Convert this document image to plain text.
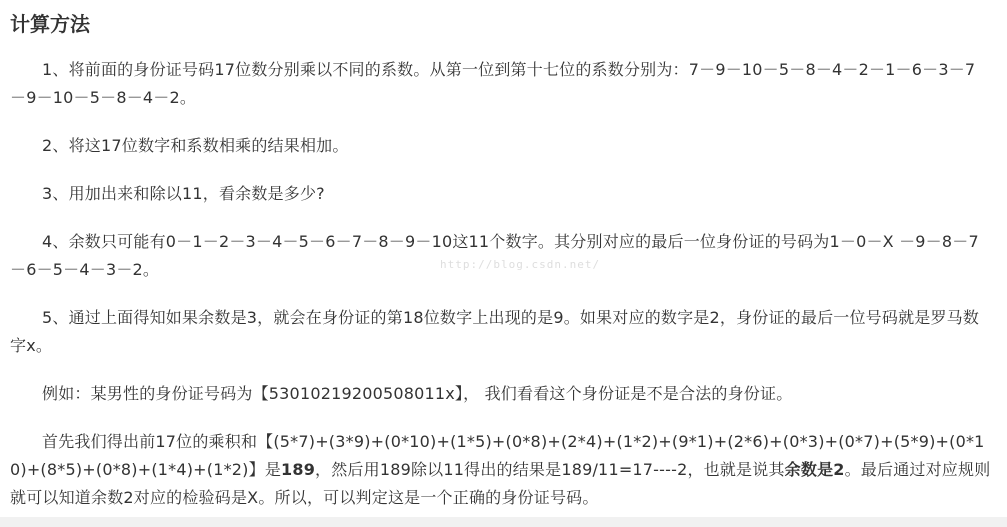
计算方法

1、将前面的身份证号码17位数分别乘以不同的系数。从第一位到第十七位的系数分别为：7－9－10－5－8－4－2－1－6－3－7－9－10－5－8－4－2。

2、将这17位数字和系数相乘的结果相加。

3、用加出来和除以11，看余数是多少?

4、余数只可能有0－1－2－3－4－5－6－7－8－9－10这11个数字。其分别对应的最后一位身份证的号码为1－0－X －9－8－7－6－5－4－3－2。

5、通过上面得知如果余数是3，就会在身份证的第18位数字上出现的是9。如果对应的数字是2，身份证的最后一位号码就是罗马数字x。

例如：某男性的身份证号码为【53010219200508011x】， 我们看看这个身份证是不是合法的身份证。

首先我们得出前17位的乘积和【(5*7)+(3*9)+(0*10)+(1*5)+(0*8)+(2*4)+(1*2)+(9*1)+(2*6)+(0*3)+(0*7)+(5*9)+(0*10)+(8*5)+(0*8)+(1*4)+(1*2)】是189，然后用189除以11得出的结果是189/11=17----2，也就是说其余数是2。最后通过对应规则就可以知道余数2对应的检验码是X。所以，可以判定这是一个正确的身份证号码。

http://blog.csdn.net/
